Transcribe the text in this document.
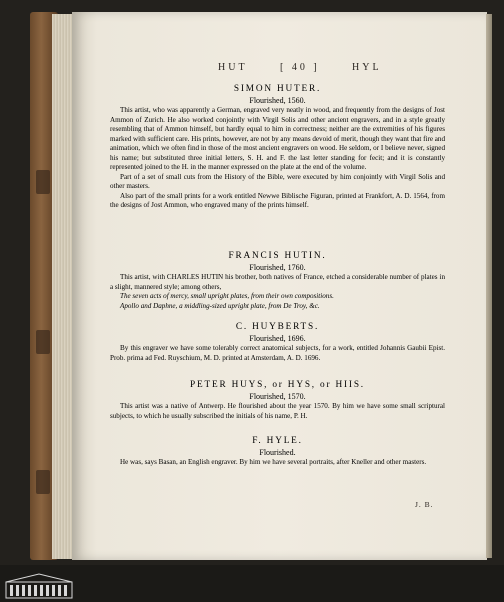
HUT	[ 40 ]	HYL

SIMON HUTER.

Flourished, 1560.

This artist, who was apparently a German, engraved very neatly in wood, and frequently from the designs of Jost Ammon of Zurich. He also worked conjointly with Virgil Solis and other ancient engravers, and in a style greatly resembling that of Ammon himself, but hardly equal to him in correctness; neither are the extremities of his figures marked with sufficient care. His prints, however, are not by any means devoid of merit, though they want that fire and animation, which we often find in those of the most ancient engravers on wood. He seldom, or I believe never, signed his name; but substituted three initial letters, S. H. and F. the last letter standing for fecit; and it is constantly represented joined to the H. in the manner expressed on the plate at the end of the volume.

Part of a set of small cuts from the History of the Bible, were executed by him conjointly with Virgil Solis and other masters.

Also part of the small prints for a work entitled Newwe Biblische Figuran, printed at Frankfort, A. D. 1564, from the designs of Jost Ammon, who engraved many of the prints himself.

FRANCIS HUTIN.

Flourished, 1760.

This artist, with CHARLES HUTIN his brother, both natives of France, etched a considerable number of plates in a slight, mannered style; among others,

The seven acts of mercy, small upright plates, from their own compositions.

Apollo and Daphne, a middling-sized upright plate, from De Troy, &c.

C. HUYBERTS.

Flourished, 1696.

By this engraver we have some tolerably correct anatomical subjects, for a work, entitled Johannis Gaubii Epist. Prob. prima ad Fed. Ruyschium, M. D. printed at Amsterdam, A. D. 1696.

PETER HUYS, or HYS, or HIIS.

Flourished, 1570.

This artist was a native of Antwerp. He flourished about the year 1570. By him we have some small scriptural subjects, to which he usually subscribed the initials of his name, P. H.

F. HYLE.

Flourished.

He was, says Basan, an English engraver. By him we have several portraits, after Kneller and other masters.

J. B.
